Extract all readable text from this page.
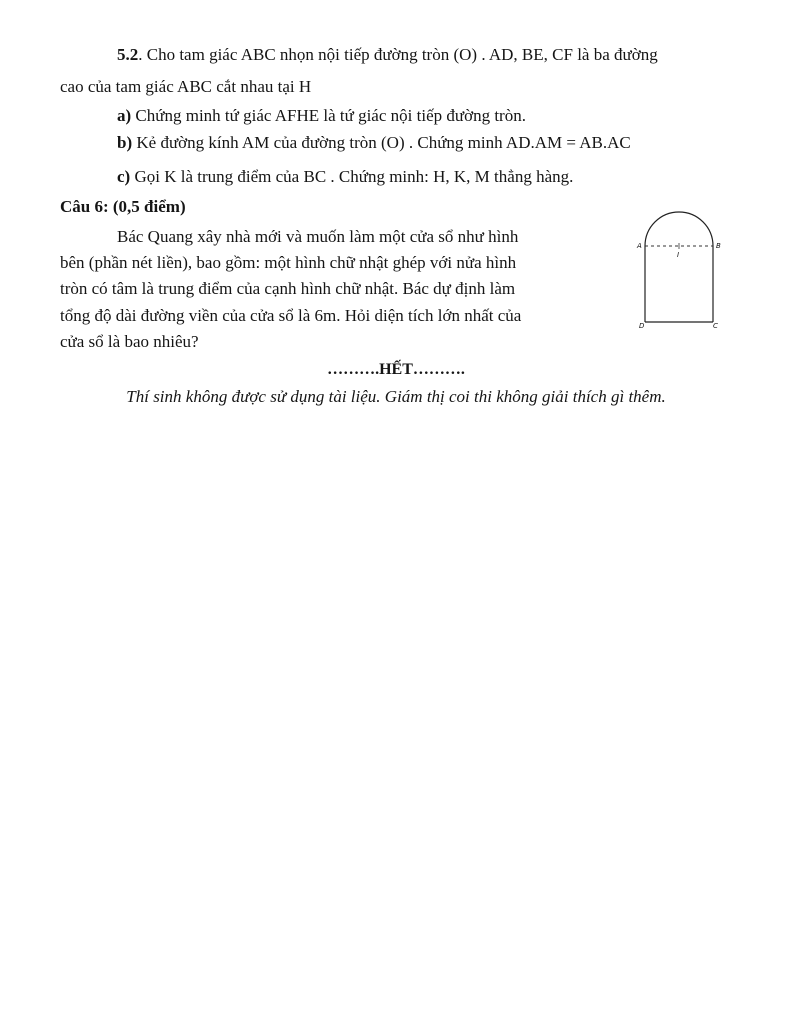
5.2. Cho tam giác ABC nhọn nội tiếp đường tròn (O) . AD, BE, CF là ba đường
cao của tam giác ABC cắt nhau tại H
a) Chứng minh tứ giác AFHE là tứ giác nội tiếp đường tròn.
b) Kẻ đường kính AM của đường tròn (O) . Chứng minh AD.AM = AB.AC
c) Gọi K là trung điểm của BC . Chứng minh: H, K, M thẳng hàng.
Câu 6: (0,5 điểm)
Bác Quang xây nhà mới và muốn làm một cửa sổ như hình
bên (phần nét liền), bao gồm: một hình chữ nhật ghép với nửa hình
tròn có tâm là trung điểm của cạnh hình chữ nhật. Bác dự định làm
tổng độ dài đường viền của cửa sổ là 6m. Hỏi diện tích lớn nhất của
cửa sổ là bao nhiêu?
A	B
I
D	C
……….HẾT……….
Thí sinh không được sử dụng tài liệu. Giám thị coi thi không giải thích gì thêm.
